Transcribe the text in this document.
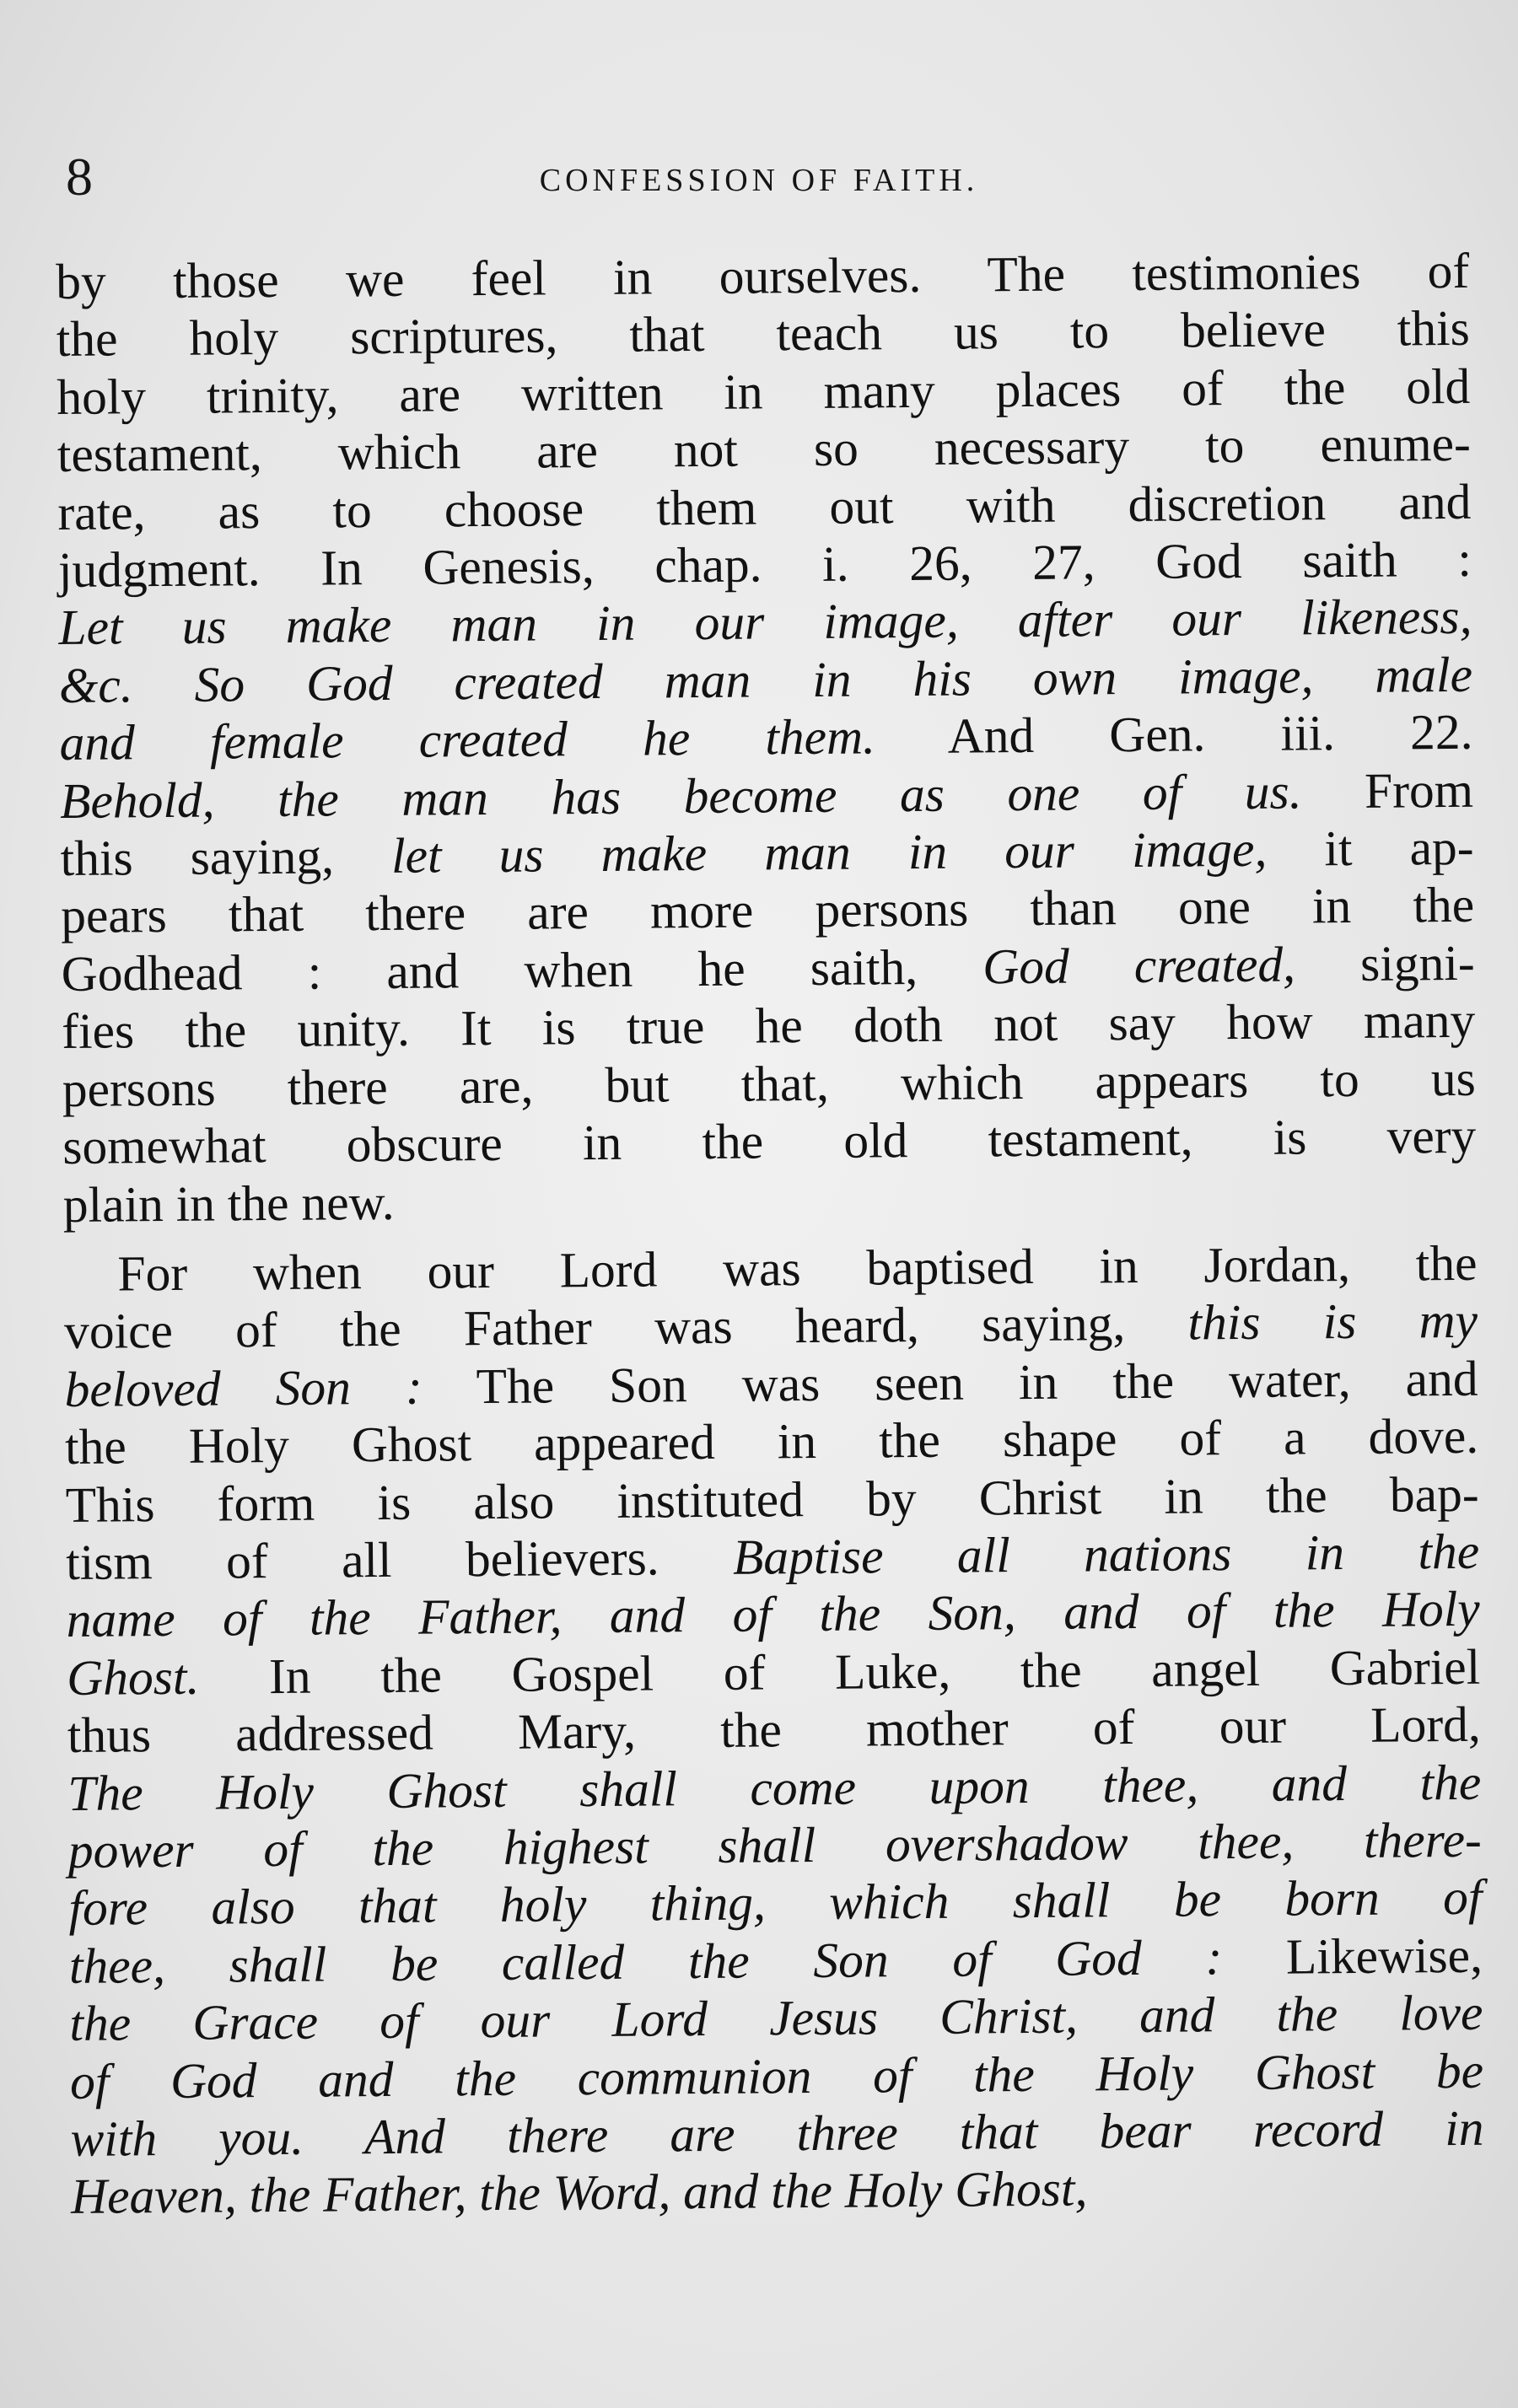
8	CONFESSION OF FAITH.
by those we feel in ourselves. The testimonies of
the holy scriptures, that teach us to believe this
holy trinity, are written in many places of the old
testament, which are not so necessary to enume-
rate, as to choose them out with discretion and
judgment. In Genesis, chap. i. 26, 27, God saith :
Let us make man in our image, after our likeness,
&c. So God created man in his own image, male
and female created he them. And Gen. iii. 22.
Behold, the man has become as one of us. From
this saying, let us make man in our image, it ap-
pears that there are more persons than one in the
Godhead : and when he saith, God created, signi-
fies the unity. It is true he doth not say how many
persons there are, but that, which appears to us
somewhat obscure in the old testament, is very
plain in the new.
For when our Lord was baptised in Jordan, the
voice of the Father was heard, saying, this is my
beloved Son : The Son was seen in the water, and
the Holy Ghost appeared in the shape of a dove.
This form is also instituted by Christ in the bap-
tism of all believers. Baptise all nations in the
name of the Father, and of the Son, and of the Holy
Ghost. In the Gospel of Luke, the angel Gabriel
thus addressed Mary, the mother of our Lord,
The Holy Ghost shall come upon thee, and the
power of the highest shall overshadow thee, there-
fore also that holy thing, which shall be born of
thee, shall be called the Son of God : Likewise,
the Grace of our Lord Jesus Christ, and the love
of God and the communion of the Holy Ghost be
with you. And there are three that bear record in
Heaven, the Father, the Word, and the Holy Ghost,
